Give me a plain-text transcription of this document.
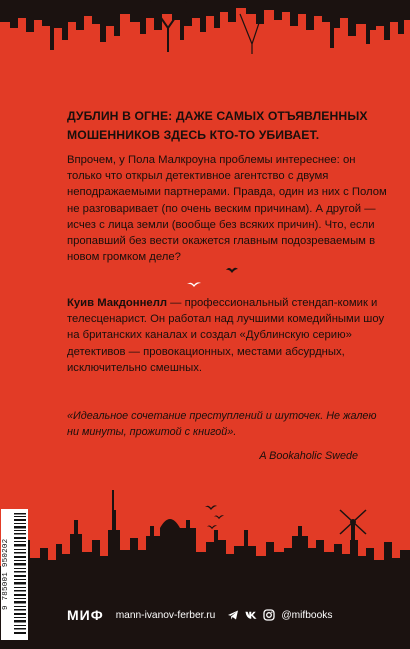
ДУБЛИН В ОГНЕ: ДАЖЕ САМЫХ ОТЪЯВЛЕННЫХ МОШЕННИКОВ ЗДЕСЬ КТО-ТО УБИВАЕТ.
Впрочем, у Пола Малкроуна проблемы интереснее: он только что открыл детективное агентство с двумя неподражаемыми партнерами. Правда, один из них с Полом не разговаривает (по очень веским причинам). А другой — исчез с лица земли (вообще без всяких причин). Что, если пропавший без вести окажется главным подозреваемым в новом громком деле?
Куив Макдоннелл — профессиональный стендап-комик и телесценарист. Он работал над лучшими комедийными шоу на британских каналах и создал «Дублинскую серию» детективов — провокационных, местами абсурдных, исключительно смешных.
«Идеальное сочетание преступлений и шуточек. Не жалею ни минуты, прожитой с книгой».
A Bookaholic Swede
9 785001 950202
МИФ mann-ivanov-ferber.ru	@mifbooks
